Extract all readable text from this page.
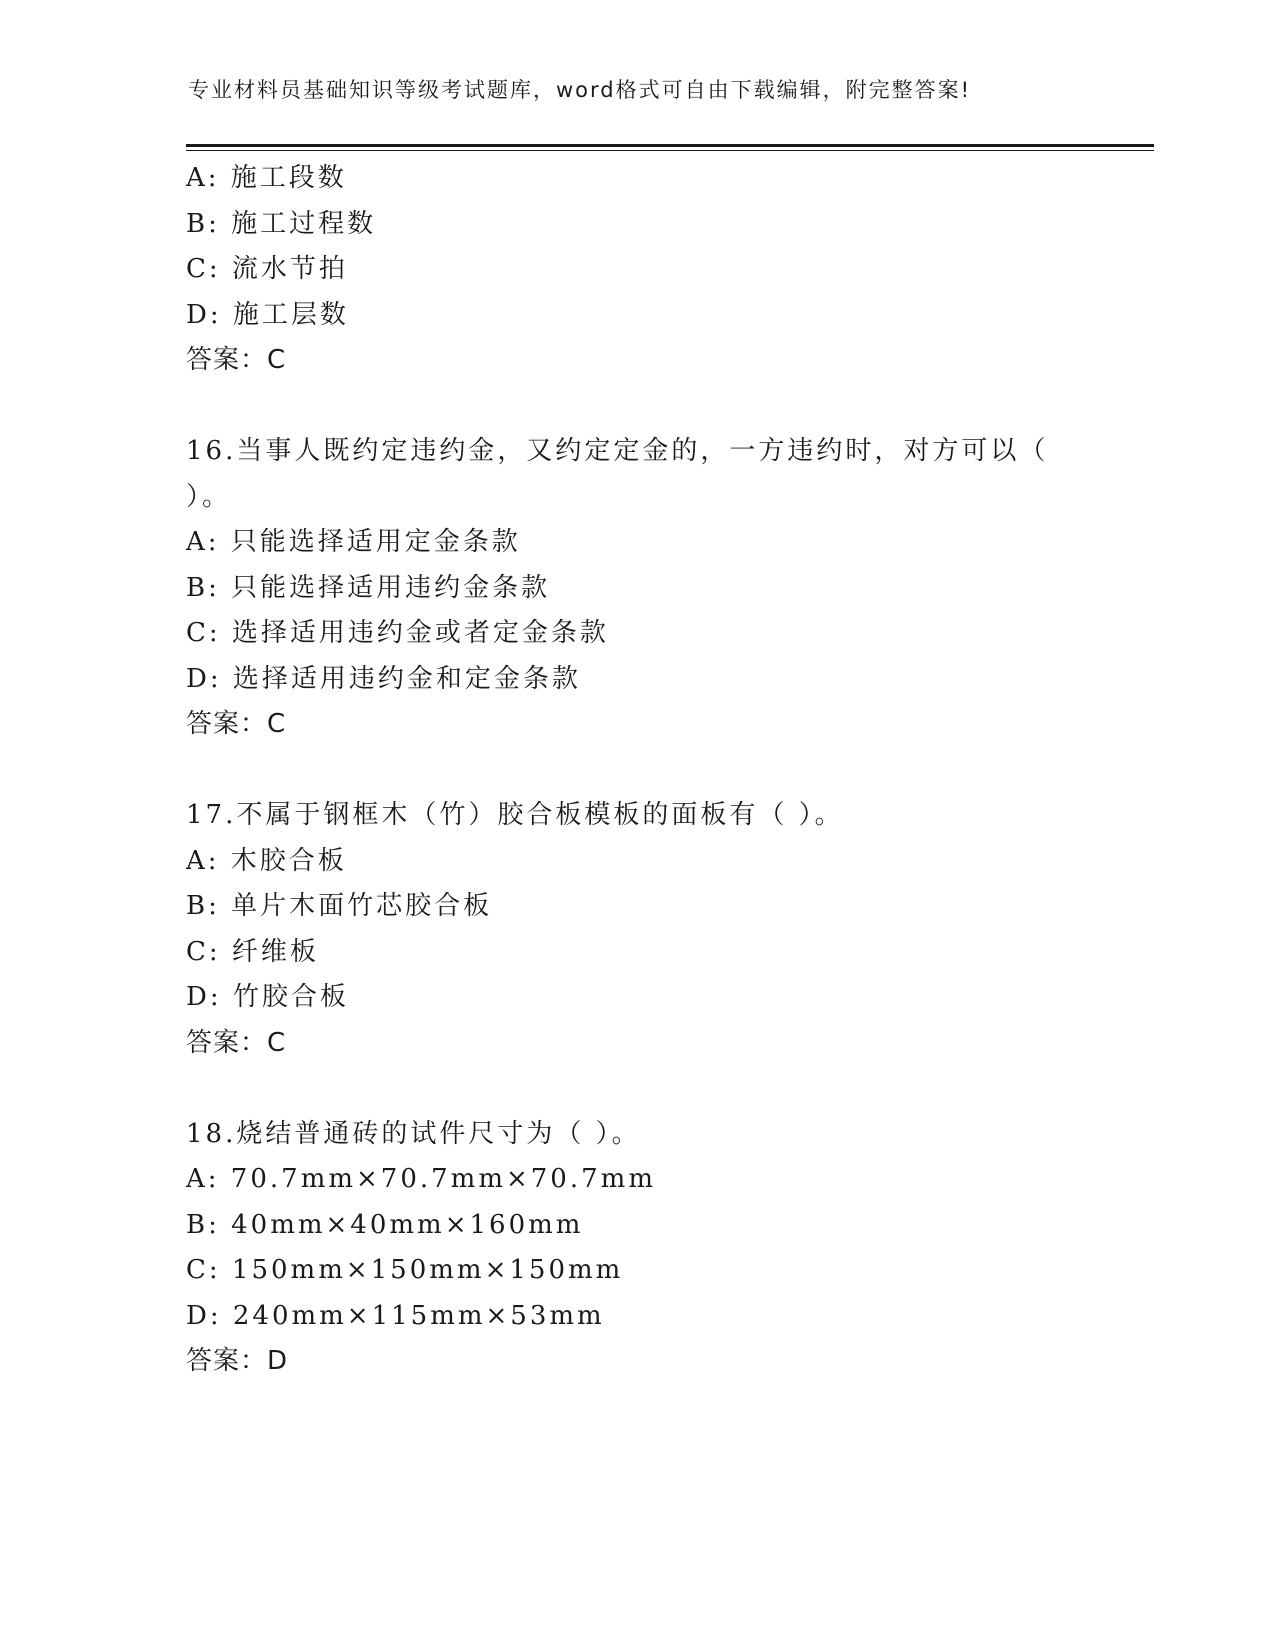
专业材料员基础知识等级考试题库，word格式可自由下载编辑，附完整答案!
A: 施工段数
B: 施工过程数
C: 流水节拍
D: 施工层数
答案：C
16.当事人既约定违约金，又约定定金的，一方违约时，对方可以（
）。
A: 只能选择适用定金条款
B: 只能选择适用违约金条款
C: 选择适用违约金或者定金条款
D: 选择适用违约金和定金条款
答案：C
17.不属于钢框木（竹）胶合板模板的面板有（ ）。
A: 木胶合板
B: 单片木面竹芯胶合板
C: 纤维板
D: 竹胶合板
答案：C
18.烧结普通砖的试件尺寸为（ ）。
A: 70.7mm×70.7mm×70.7mm
B: 40mm×40mm×160mm
C: 150mm×150mm×150mm
D: 240mm×115mm×53mm
答案：D
